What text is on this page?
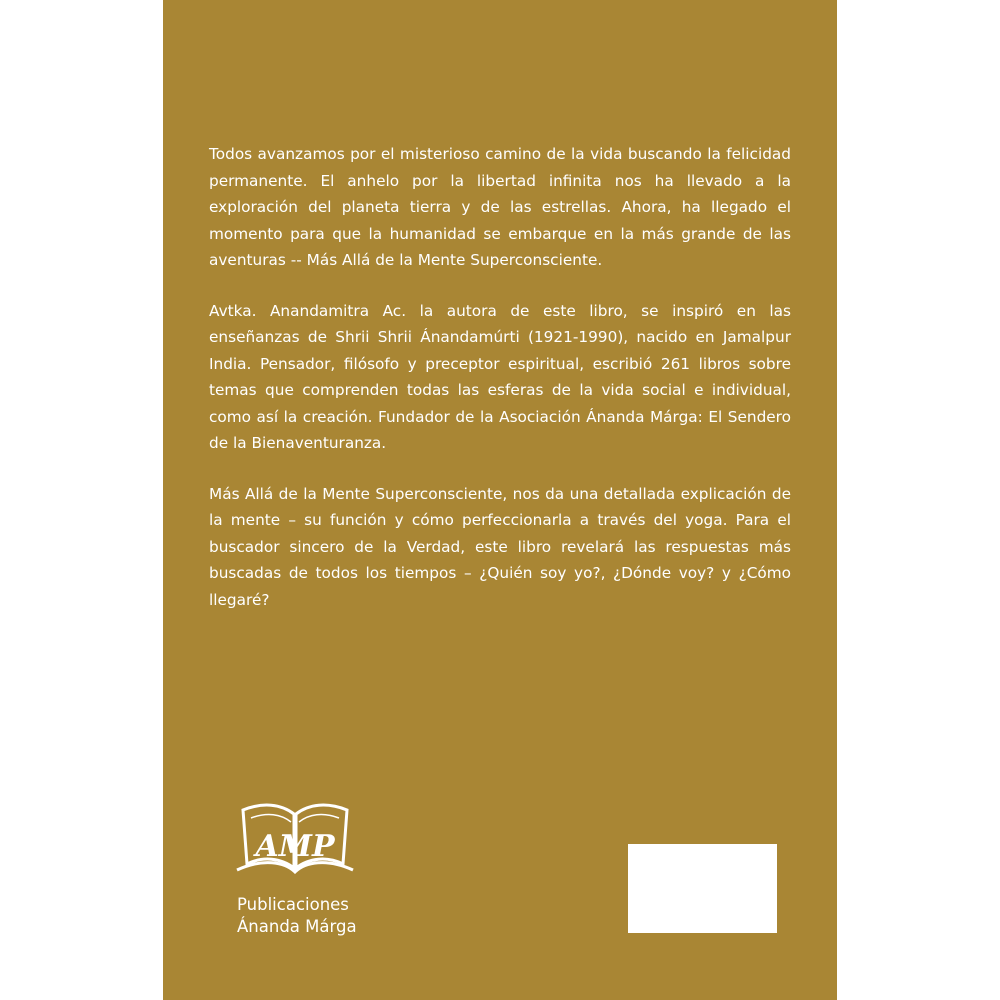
Todos avanzamos por el misterioso camino de la vida buscando la felicidad permanente. El anhelo por la libertad infinita nos ha llevado a la exploración del planeta tierra y de las estrellas. Ahora, ha llegado el momento para que la humanidad se embarque en la más grande de las aventuras -- Más Allá de la Mente Superconsciente.

Avtka. Anandamitra Ac. la autora de este libro, se inspiró en las enseñanzas de Shrii Shrii Ánandamúrti (1921-1990), nacido en Jamalpur India. Pensador, filósofo y preceptor espiritual, escribió 261 libros sobre temas que comprenden todas las esferas de la vida social e individual, como así la creación. Fundador de la Asociación Ánanda Márga: El Sendero de la Bienaventuranza.

Más Allá de la Mente Superconsciente, nos da una detallada explicación de la mente – su función y cómo perfeccionarla a través del yoga. Para el buscador sincero de la Verdad, este libro revelará las respuestas más buscadas de todos los tiempos – ¿Quién soy yo?, ¿Dónde voy? y ¿Cómo llegaré?

AMP
Publicaciones
Ánanda Márga
